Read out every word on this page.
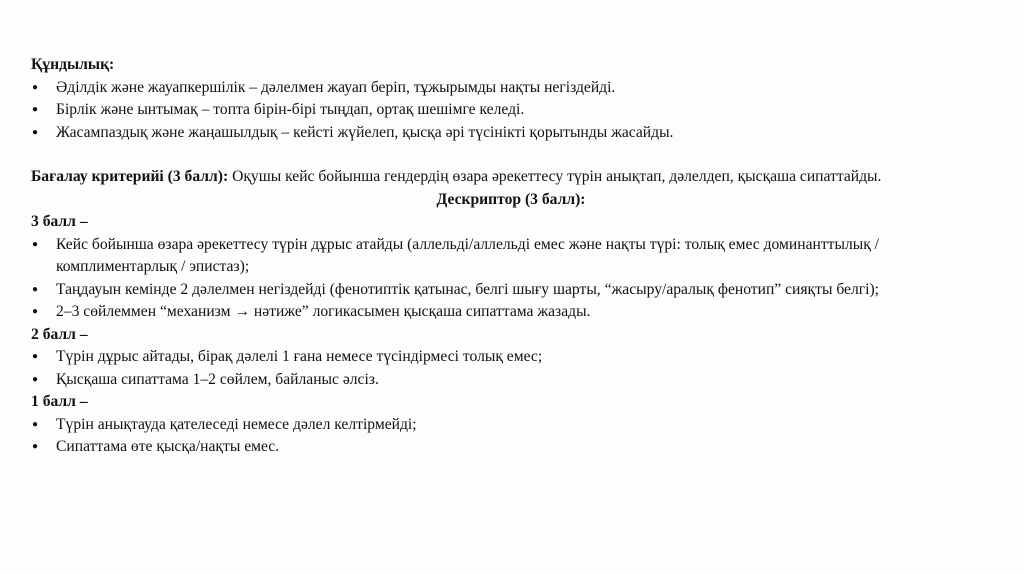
Құндылық:

● Әділдік және жауапкершілік – дәлелмен жауап беріп, тұжырымды нақты негіздейді.
● Бірлік және ынтымақ – топта бірін-бірі тыңдап, ортақ шешімге келеді.
● Жасампаздық және жаңашылдық – кейсті жүйелеп, қысқа әрі түсінікті қорытынды жасайды.

Бағалау критерийі (3 балл): Оқушы кейс бойынша гендердің өзара әрекеттесу түрін анықтап, дәлелдеп, қысқаша сипаттайды.

Дескриптор (3 балл):

3 балл –

● Кейс бойынша өзара әрекеттесу түрін дұрыс атайды (аллельді/аллельді емес және нақты түрі: толық емес доминанттылық / комплиментарлық / эпистаз);
● Таңдауын кемінде 2 дәлелмен негіздейді (фенотиптік қатынас, белгі шығу шарты, “жасыру/аралық фенотип” сияқты белгі);
● 2–3 сөйлеммен “механизм → нәтиже” логикасымен қысқаша сипаттама жазады.

2 балл –

● Түрін дұрыс айтады, бірақ дәлелі 1 ғана немесе түсіндірмесі толық емес;
● Қысқаша сипаттама 1–2 сөйлем, байланыс әлсіз.

1 балл –

● Түрін анықтауда қателеседі немесе дәлел келтірмейді;
● Сипаттама өте қысқа/нақты емес.
